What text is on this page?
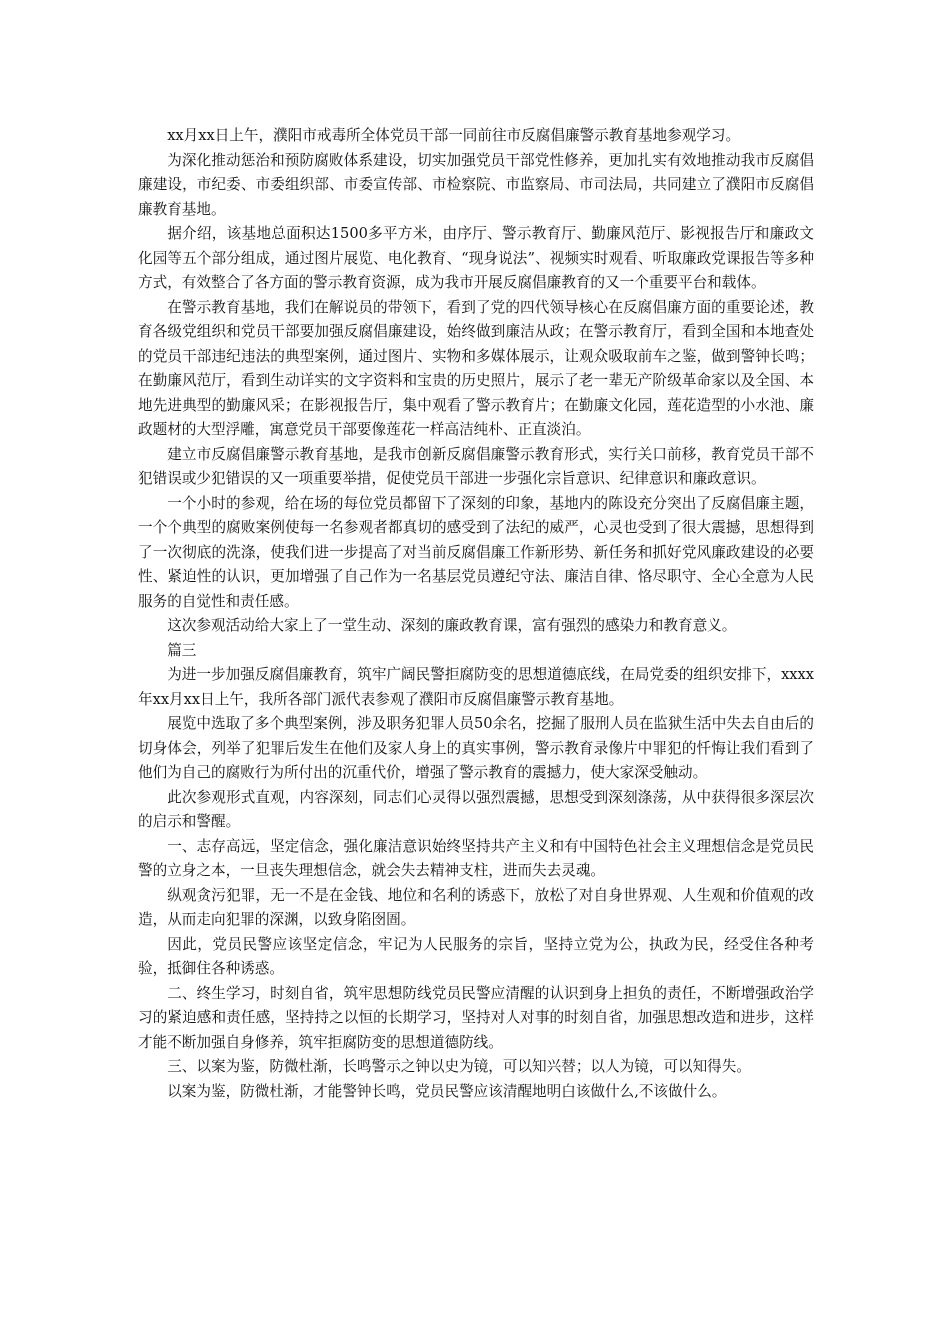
xx月xx日上午，濮阳市戒毒所全体党员干部一同前往市反腐倡廉警示教育基地参观学习。

为深化推动惩治和预防腐败体系建设，切实加强党员干部党性修养，更加扎实有效地推动我市反腐倡廉建设，市纪委、市委组织部、市委宣传部、市检察院、市监察局、市司法局，共同建立了濮阳市反腐倡廉教育基地。

据介绍，该基地总面积达1500多平方米，由序厅、警示教育厅、勤廉风范厅、影视报告厅和廉政文化园等五个部分组成，通过图片展览、电化教育、“现身说法”、视频实时观看、听取廉政党课报告等多种方式，有效整合了各方面的警示教育资源，成为我市开展反腐倡廉教育的又一个重要平台和载体。

在警示教育基地，我们在解说员的带领下，看到了党的四代领导核心在反腐倡廉方面的重要论述，教育各级党组织和党员干部要加强反腐倡廉建设，始终做到廉洁从政；在警示教育厅，看到全国和本地查处的党员干部违纪违法的典型案例，通过图片、实物和多媒体展示，让观众吸取前车之鉴，做到警钟长鸣；在勤廉风范厅，看到生动详实的文字资料和宝贵的历史照片，展示了老一辈无产阶级革命家以及全国、本地先进典型的勤廉风采；在影视报告厅，集中观看了警示教育片；在勤廉文化园，莲花造型的小水池、廉政题材的大型浮雕，寓意党员干部要像莲花一样高洁纯朴、正直淡泊。

建立市反腐倡廉警示教育基地，是我市创新反腐倡廉警示教育形式，实行关口前移，教育党员干部不犯错误或少犯错误的又一项重要举措，促使党员干部进一步强化宗旨意识、纪律意识和廉政意识。

一个小时的参观，给在场的每位党员都留下了深刻的印象，基地内的陈设充分突出了反腐倡廉主题，一个个典型的腐败案例使每一名参观者都真切的感受到了法纪的威严，心灵也受到了很大震撼，思想得到了一次彻底的洗涤，使我们进一步提高了对当前反腐倡廉工作新形势、新任务和抓好党风廉政建设的必要性、紧迫性的认识，更加增强了自己作为一名基层党员遵纪守法、廉洁自律、恪尽职守、全心全意为人民服务的自觉性和责任感。

这次参观活动给大家上了一堂生动、深刻的廉政教育课，富有强烈的感染力和教育意义。

篇三

为进一步加强反腐倡廉教育，筑牢广阔民警拒腐防变的思想道德底线，在局党委的组织安排下，xxxx年xx月xx日上午，我所各部门派代表参观了濮阳市反腐倡廉警示教育基地。

展览中选取了多个典型案例，涉及职务犯罪人员50余名，挖掘了服刑人员在监狱生活中失去自由后的切身体会，列举了犯罪后发生在他们及家人身上的真实事例，警示教育录像片中罪犯的忏悔让我们看到了他们为自己的腐败行为所付出的沉重代价，增强了警示教育的震撼力，使大家深受触动。

此次参观形式直观，内容深刻，同志们心灵得以强烈震撼，思想受到深刻涤荡，从中获得很多深层次的启示和警醒。

一、志存高远，坚定信念，强化廉洁意识始终坚持共产主义和有中国特色社会主义理想信念是党员民警的立身之本，一旦丧失理想信念，就会失去精神支柱，进而失去灵魂。

纵观贪污犯罪，无一不是在金钱、地位和名利的诱惑下，放松了对自身世界观、人生观和价值观的改造，从而走向犯罪的深渊，以致身陷囹圄。

因此，党员民警应该坚定信念，牢记为人民服务的宗旨，坚持立党为公，执政为民，经受住各种考验，抵御住各种诱惑。

二、终生学习，时刻自省，筑牢思想防线党员民警应清醒的认识到身上担负的责任，不断增强政治学习的紧迫感和责任感，坚持持之以恒的长期学习，坚持对人对事的时刻自省，加强思想改造和进步，这样才能不断加强自身修养，筑牢拒腐防变的思想道德防线。

三、以案为鉴，防微杜渐，长鸣警示之钟以史为镜，可以知兴替；以人为镜，可以知得失。

以案为鉴，防微杜渐，才能警钟长鸣，党员民警应该清醒地明白该做什么,不该做什么。
